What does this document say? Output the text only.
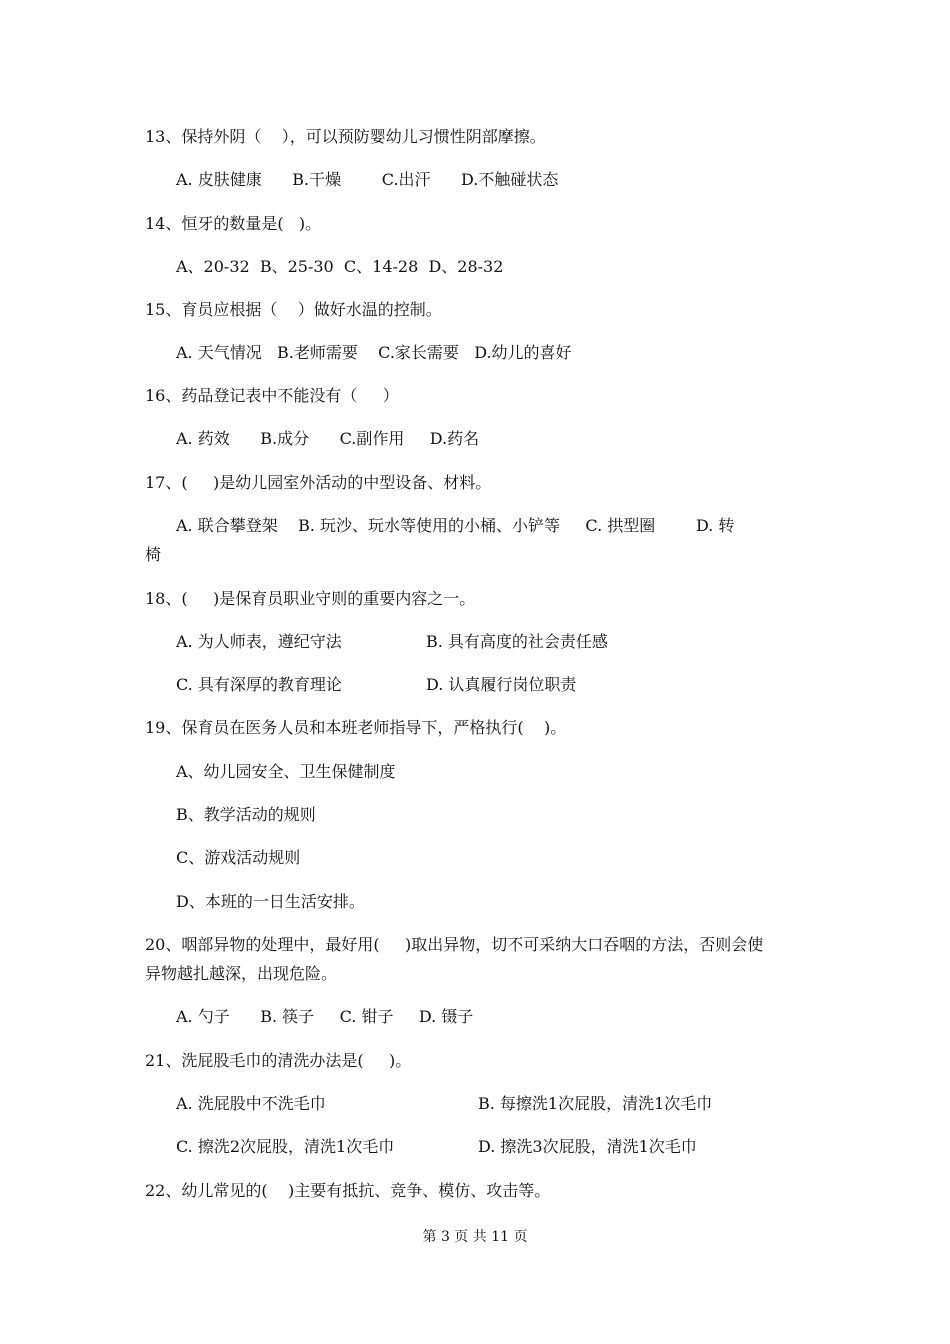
13、保持外阴（    ），可以预防婴幼儿习惯性阴部摩擦。
A. 皮肤健康      B.干燥        C.出汗      D.不触碰状态
14、恒牙的数量是(   )。
A、20-32  B、25-30  C、14-28  D、28-32
15、育员应根据（    ）做好水温的控制。
A. 天气情况   B.老师需要    C.家长需要   D.幼儿的喜好
16、药品登记表中不能没有（     ）
A. 药效      B.成分      C.副作用     D.药名
17、(     )是幼儿园室外活动的中型设备、材料。
A. 联合攀登架    B. 玩沙、玩水等使用的小桶、小铲等     C. 拱型圈        D. 转
椅
18、(     )是保育员职业守则的重要内容之一。
A. 为人师表，遵纪守法	B. 具有高度的社会责任感
C. 具有深厚的教育理论	D. 认真履行岗位职责
19、保育员在医务人员和本班老师指导下，严格执行(    )。
A、幼儿园安全、卫生保健制度
B、教学活动的规则
C、游戏活动规则
D、本班的一日生活安排。
20、咽部异物的处理中，最好用(     )取出异物，切不可采纳大口吞咽的方法，否则会使
异物越扎越深，出现危险。
A. 勺子      B. 筷子     C. 钳子     D. 镊子
21、洗屁股毛巾的清洗办法是(     )。
A. 洗屁股中不洗毛巾	B. 每擦洗1次屁股，清洗1次毛巾
C. 擦洗2次屁股，清洗1次毛巾	D. 擦洗3次屁股，清洗1次毛巾
22、幼儿常见的(    )主要有抵抗、竞争、模仿、攻击等。
第 3 页 共 11 页
